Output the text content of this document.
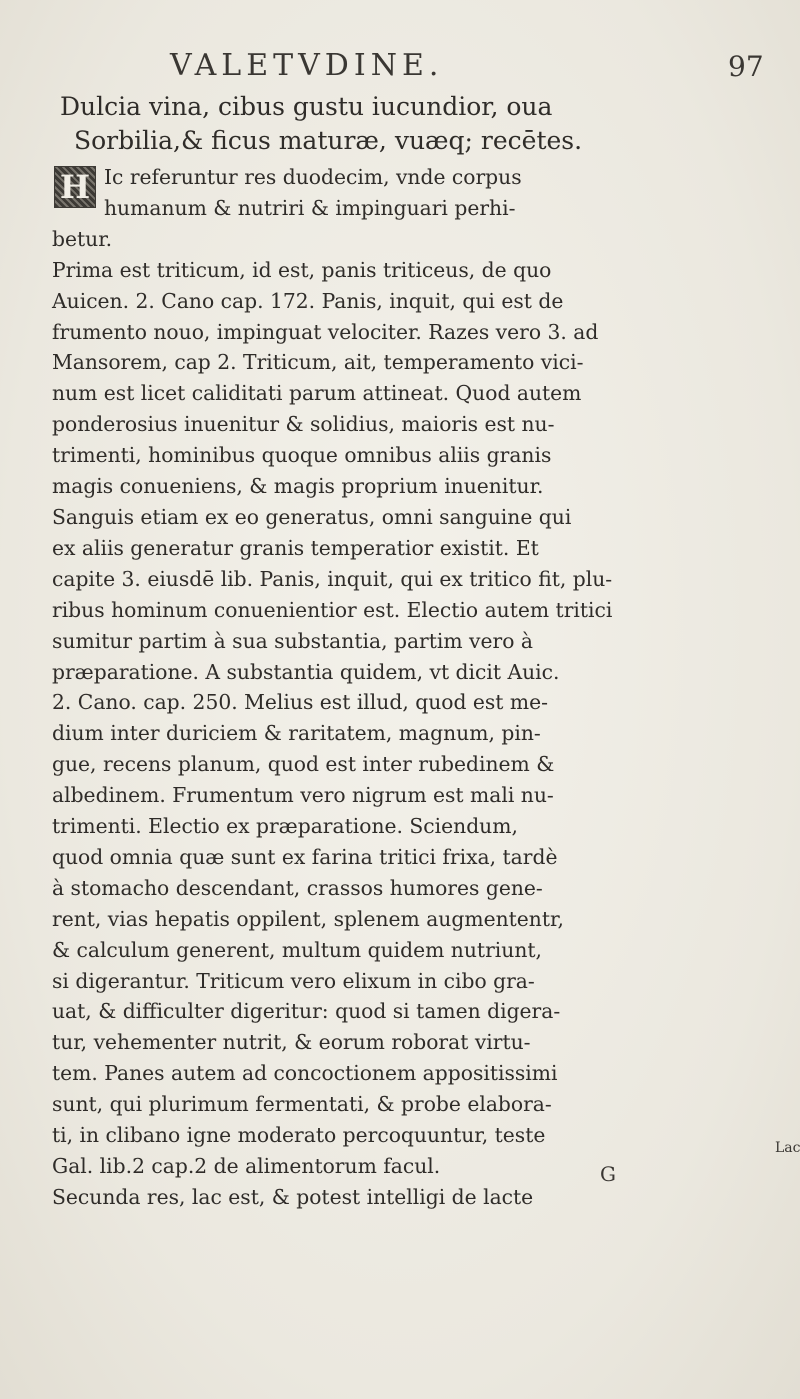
VALETVDINE.	97
Dulcia vina, cibus gustu iucundior, oua
Sorbilia,& ficus maturæ, vuæq; recētes.
H Ic referuntur res duodecim, vnde corpus
humanum & nutriri & impinguari perhi-
betur.
Prima est triticum, id est, panis triticeus, de quo
Auicen. 2. Cano cap. 172. Panis, inquit, qui est de
frumento nouo, impinguat velociter. Razes vero 3. ad
Mansorem, cap 2. Triticum, ait, temperamento vici-
num est licet caliditati parum attineat. Quod autem
ponderosius inuenitur & solidius, maioris est nu-
trimenti, hominibus quoque omnibus aliis granis
magis conueniens, & magis proprium inuenitur.
Sanguis etiam ex eo generatus, omni sanguine qui
ex aliis generatur granis temperatior existit. Et
capite 3. eiusdē lib. Panis, inquit, qui ex tritico fit, plu-
ribus hominum conuenientior est. Electio autem tritici
sumitur partim à sua substantia, partim vero à
præparatione. A substantia quidem, vt dicit Auic.
2. Cano. cap. 250. Melius est illud, quod est me-
dium inter duriciem & raritatem, magnum, pin-
gue, recens planum, quod est inter rubedinem &
albedinem. Frumentum vero nigrum est mali nu-
trimenti. Electio ex præparatione. Sciendum,
quod omnia quæ sunt ex farina tritici frixa, tardè
à stomacho descendant, crassos humores gene-
rent, vias hepatis oppilent, splenem augmententr,
& calculum generent, multum quidem nutriunt,
si digerantur. Triticum vero elixum in cibo gra-
uat, & difficulter digeritur: quod si tamen digera-
tur, vehementer nutrit, & eorum roborat virtu-
tem. Panes autem ad concoctionem appositissimi
sunt, qui plurimum fermentati, & probe elabora-
ti, in clibano igne moderato percoquuntur, teste
Gal. lib.2 cap.2 de alimentorum facul.
Secunda res, lac est, & potest intelligi de lacte
Lac
G
